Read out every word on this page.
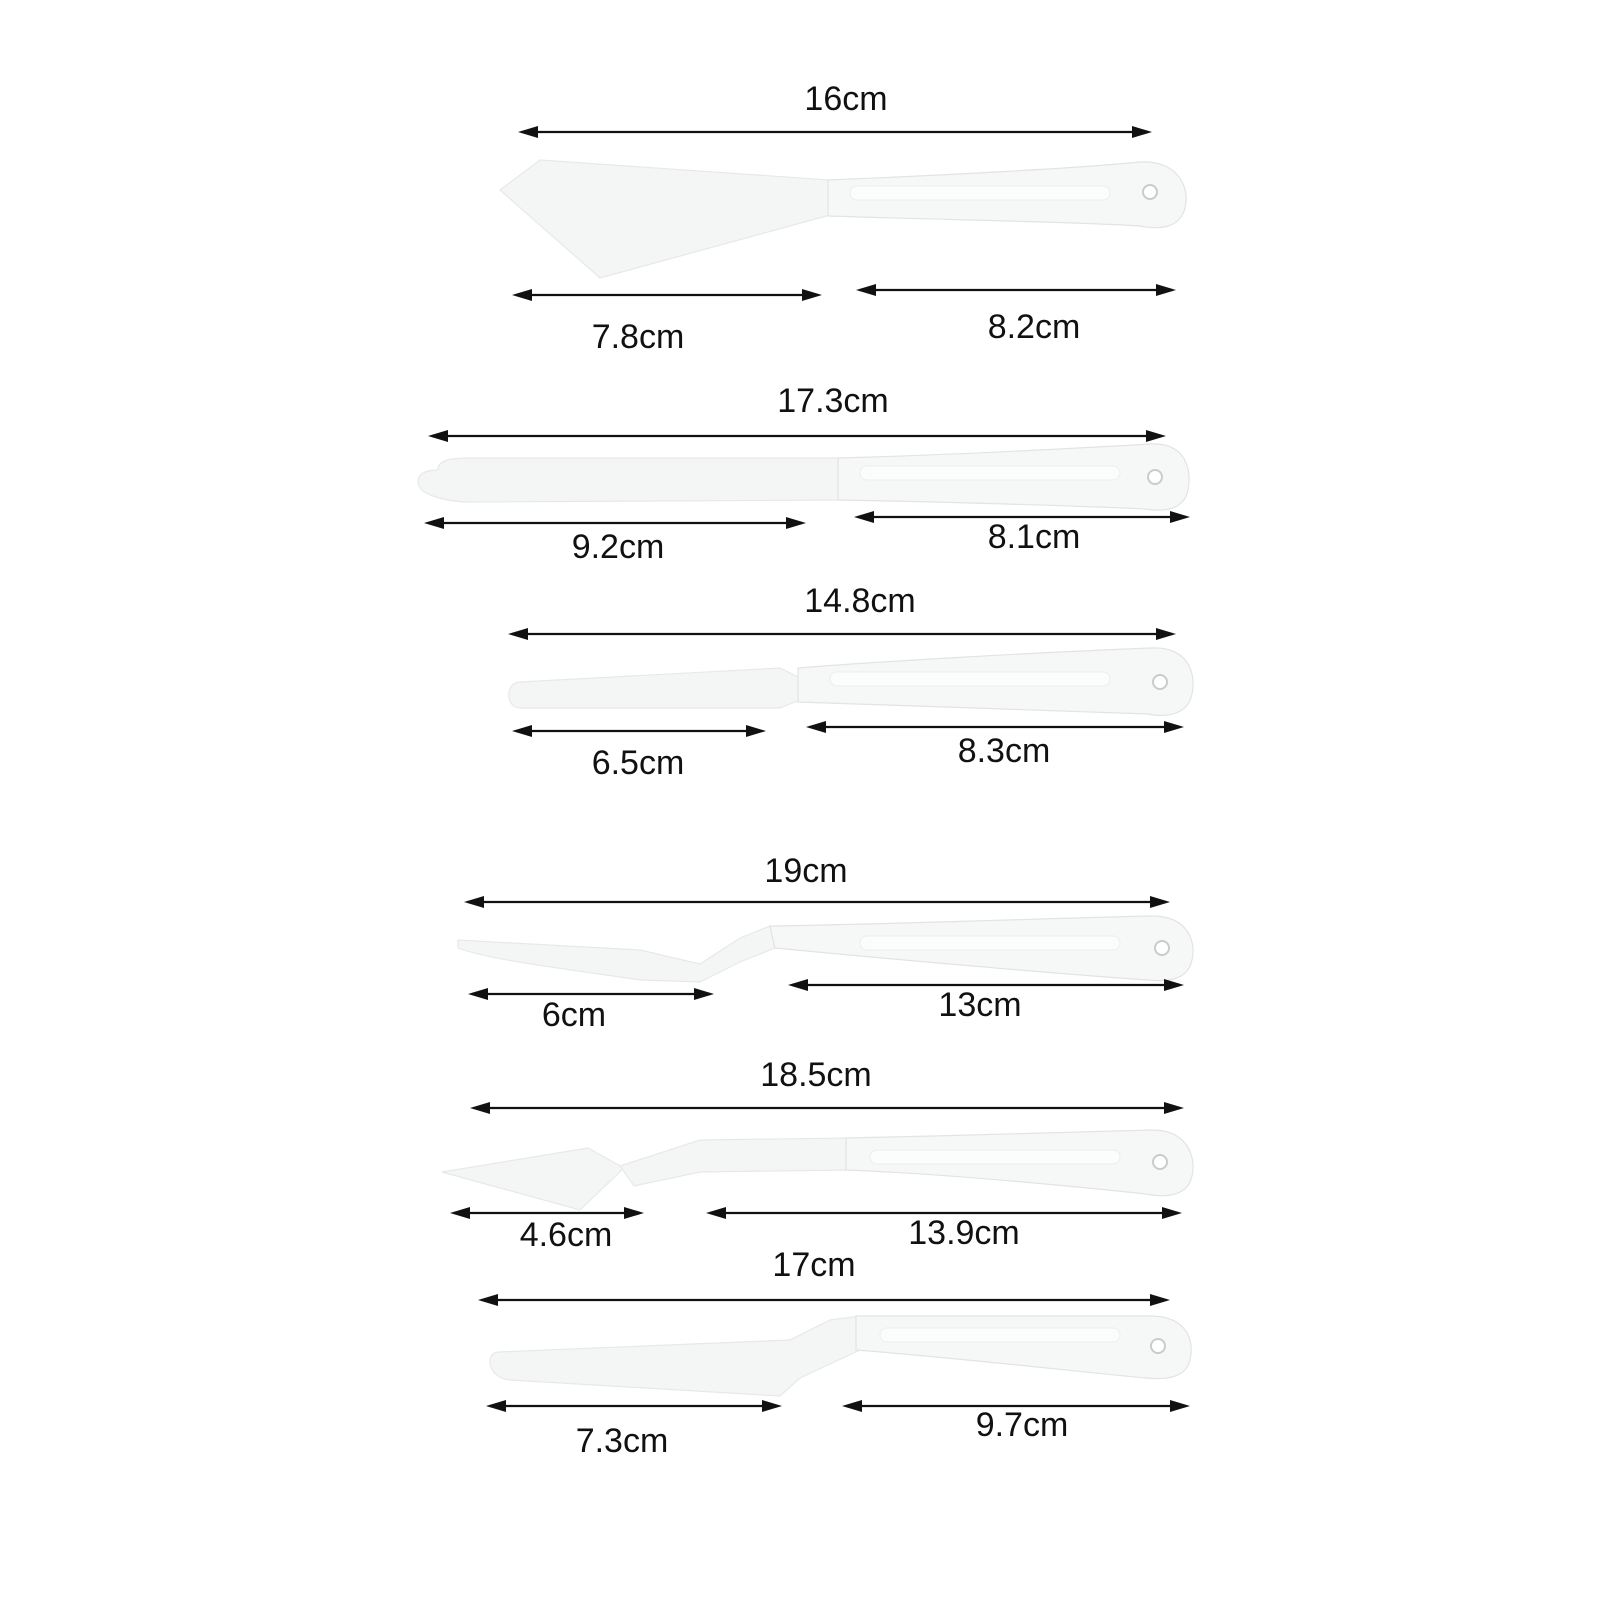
16cm
7.8cm	8.2cm
17.3cm
9.2cm	8.1cm
14.8cm
6.5cm	8.3cm
19cm
6cm	13cm
18.5cm
4.6cm	13.9cm
17cm
7.3cm	9.7cm
